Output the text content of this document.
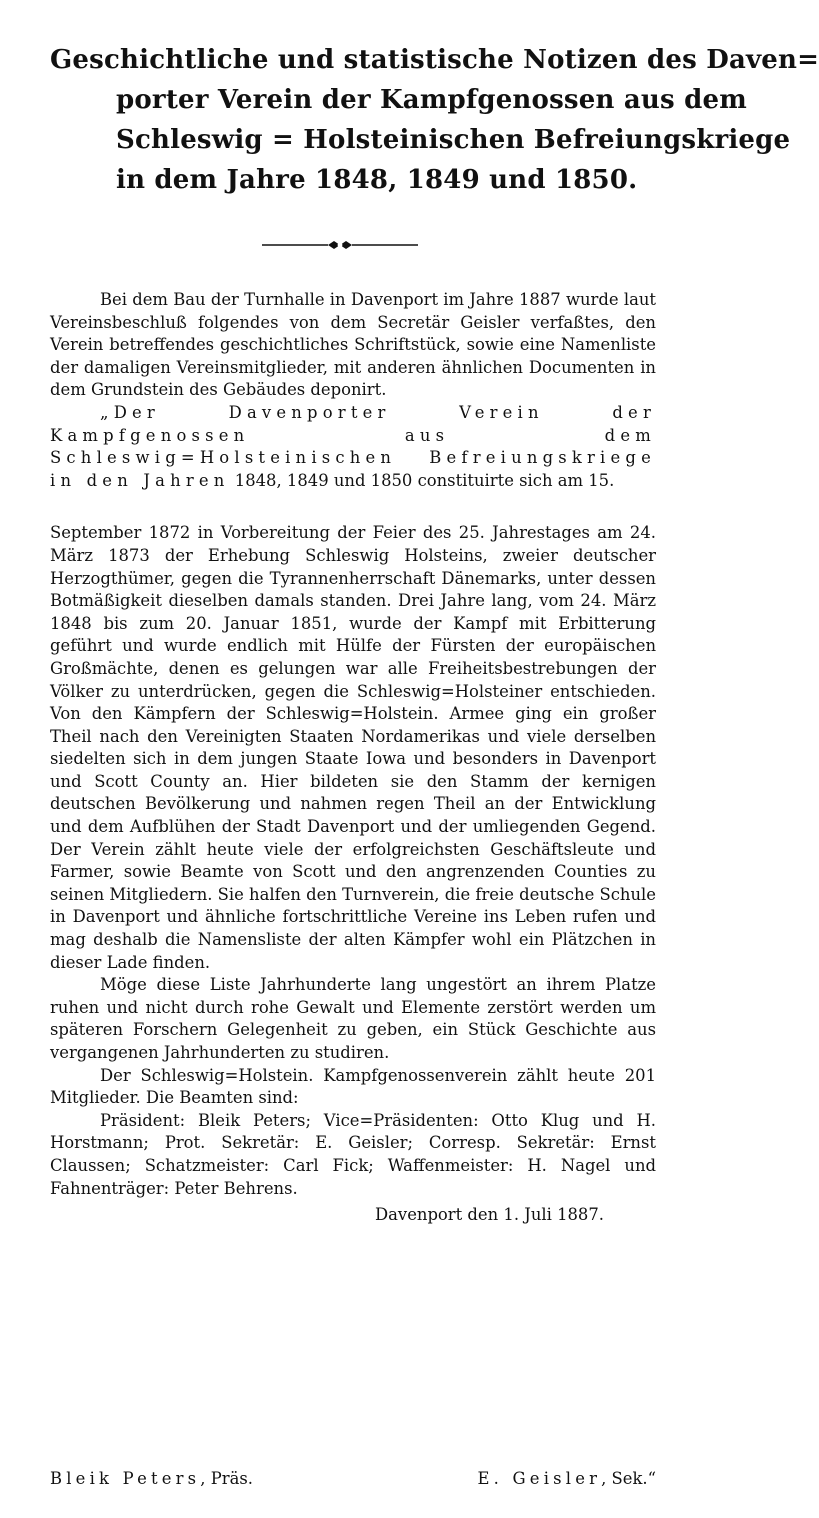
Geschichtliche und statistische Notizen des Daven=
porter Verein der Kampfgenossen aus dem
Schleswig = Holsteinischen Befreiungskriege
in dem Jahre 1848, 1849 und 1850.

Bei dem Bau der Turnhalle in Davenport im Jahre 1887 wurde laut Vereinsbeschluß folgendes von dem Secretär Geisler verfaßtes, den Verein betreffendes geschichtliches Schriftstück, sowie eine Namenliste der damaligen Vereinsmitglieder, mit anderen ähnlichen Documenten in dem Grundstein des Gebäudes deponirt.

„Der Davenporter Verein der Kampfgenossen aus dem Schleswig=Holsteinischen Befreiungskriege in den Jahren 1848, 1849 und 1850 constituirte sich am 15.

September 1872 in Vorbereitung der Feier des 25. Jahrestages am 24. März 1873 der Erhebung Schleswig Holsteins, zweier deutscher Herzogthümer, gegen die Tyrannenherrschaft Dänemarks, unter dessen Botmäßigkeit dieselben damals standen. Drei Jahre lang, vom 24. März 1848 bis zum 20. Januar 1851, wurde der Kampf mit Erbitterung geführt und wurde endlich mit Hülfe der Fürsten der europäischen Großmächte, denen es gelungen war alle Freiheitsbestrebungen der Völker zu unterdrücken, gegen die Schleswig=Holsteiner entschieden. Von den Kämpfern der Schleswig=Holstein. Armee ging ein großer Theil nach den Vereinigten Staaten Nordamerikas und viele derselben siedelten sich in dem jungen Staate Iowa und besonders in Davenport und Scott County an. Hier bildeten sie den Stamm der kernigen deutschen Bevölkerung und nahmen regen Theil an der Entwicklung und dem Aufblühen der Stadt Davenport und der umliegenden Gegend. Der Verein zählt heute viele der erfolgreichsten Geschäftsleute und Farmer, sowie Beamte von Scott und den angrenzenden Counties zu seinen Mitgliedern. Sie halfen den Turnverein, die freie deutsche Schule in Davenport und ähnliche fortschrittliche Vereine ins Leben rufen und mag deshalb die Namensliste der alten Kämpfer wohl ein Plätzchen in dieser Lade finden.

Möge diese Liste Jahrhunderte lang ungestört an ihrem Platze ruhen und nicht durch rohe Gewalt und Elemente zerstört werden um späteren Forschern Gelegenheit zu geben, ein Stück Geschichte aus vergangenen Jahrhunderten zu studiren.

Der Schleswig=Holstein. Kampfgenossenverein zählt heute 201 Mitglieder. Die Beamten sind:

Präsident: Bleik Peters; Vice=Präsidenten: Otto Klug und H. Horstmann; Prot. Sekretär: E. Geisler; Corresp. Sekretär: Ernst Claussen; Schatzmeister: Carl Fick; Waffenmeister: H. Nagel und Fahnenträger: Peter Behrens.

Davenport den 1. Juli 1887.

Bleik Peters, Präs.	E. Geisler, Sek.“
